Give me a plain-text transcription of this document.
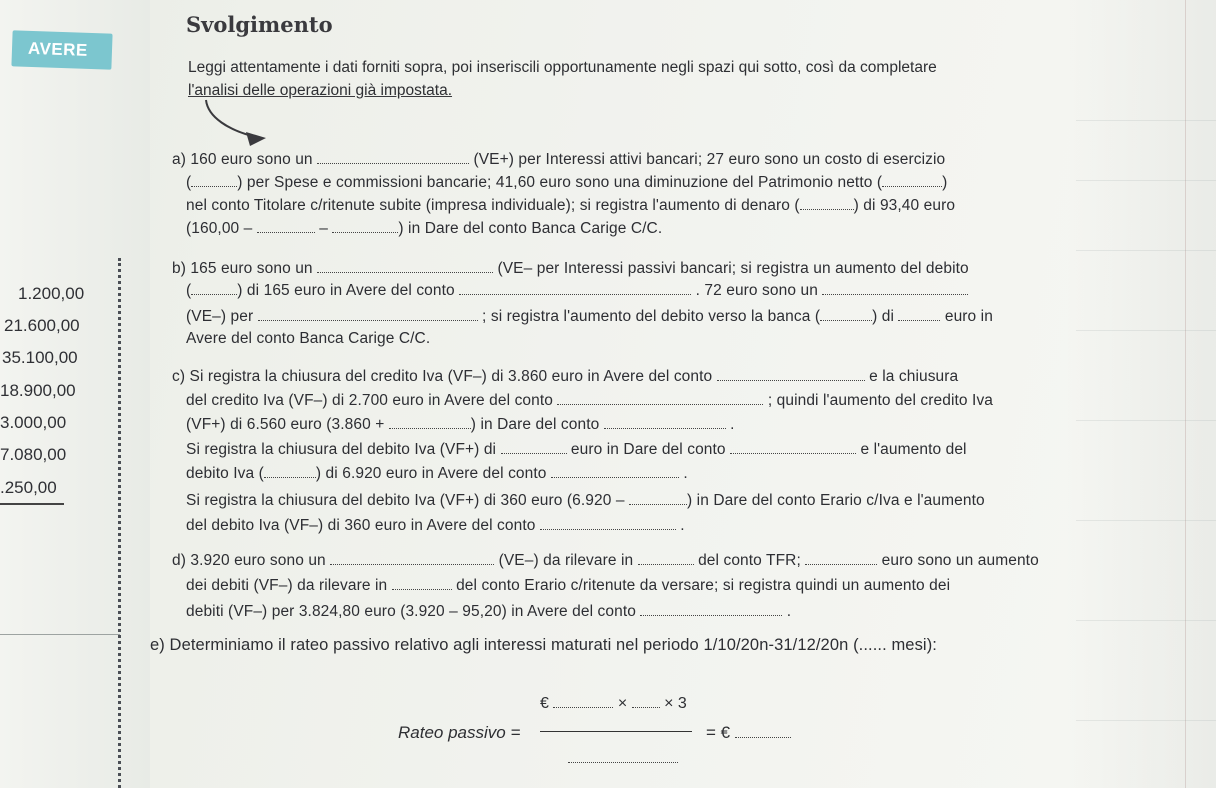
AVERE
1.200,00
21.600,00
35.100,00
18.900,00
3.000,00
7.080,00
.250,00
Svolgimento
Leggi attentamente i dati forniti sopra, poi inseriscili opportunamente negli spazi qui sotto, così da completare
l'analisi delle operazioni già impostata.
a) 160 euro sono un	(VE+) per Interessi attivi bancari; 27 euro sono un costo di esercizio
(	) per Spese e commissioni bancarie; 41,60 euro sono una diminuzione del Patrimonio netto (	)
nel conto Titolare c/ritenute subite (impresa individuale); si registra l'aumento di denaro (	) di 93,40 euro
(160,00 –	–	) in Dare del conto Banca Carige C/C.
b) 165 euro sono un	(VE– per Interessi passivi bancari; si registra un aumento del debito
(	) di 165 euro in Avere del conto	. 72 euro sono un
(VE–) per	; si registra l'aumento del debito verso la banca (	) di	euro in
Avere del conto Banca Carige C/C.
c) Si registra la chiusura del credito Iva (VF–) di 3.860 euro in Avere del conto	e la chiusura
del credito Iva (VF–) di 2.700 euro in Avere del conto	; quindi l'aumento del credito Iva
(VF+) di 6.560 euro (3.860 +	) in Dare del conto	.
Si registra la chiusura del debito Iva (VF+) di	euro in Dare del conto	e l'aumento del
debito Iva (	) di 6.920 euro in Avere del conto	.
Si registra la chiusura del debito Iva (VF+) di 360 euro (6.920 –	) in Dare del conto Erario c/Iva e l'aumento
del debito Iva (VF–) di 360 euro in Avere del conto	.
d) 3.920 euro sono un	(VE–) da rilevare in	del conto TFR;	euro sono un aumento
dei debiti (VF–) da rilevare in	del conto Erario c/ritenute da versare; si registra quindi un aumento dei
debiti (VF–) per 3.824,80 euro (3.920 – 95,20) in Avere del conto	.
e) Determiniamo il rateo passivo relativo agli interessi maturati nel periodo 1/10/20n-31/12/20n (...... mesi):
Rateo passivo =
€	× × 3
= €
